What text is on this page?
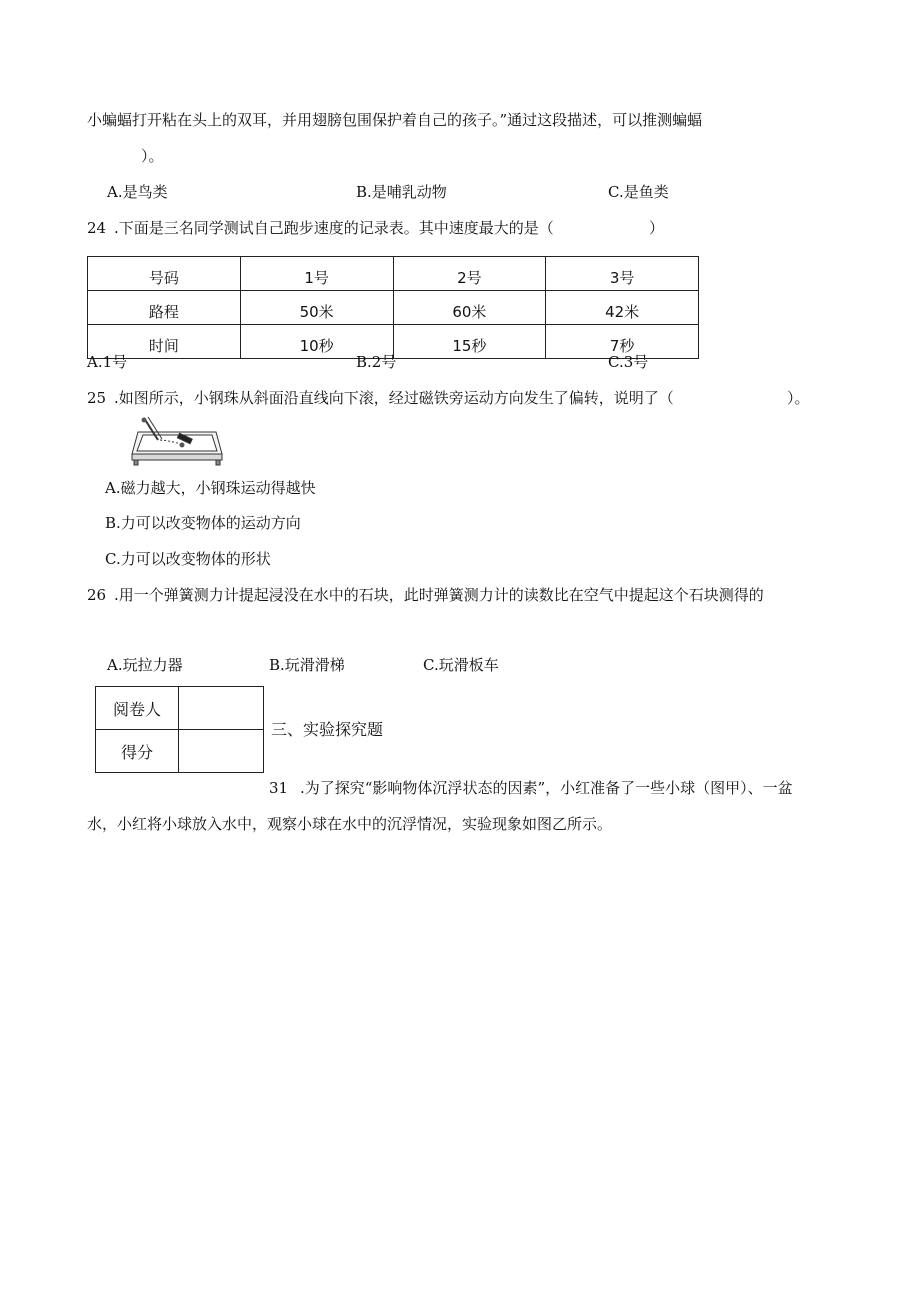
小蝙蝠打开粘在头上的双耳，并用翅膀包围保护着自己的孩子。”通过这段描述，可以推测蝙蝠
）。
A.是鸟类	B.是哺乳动物	C.是鱼类
24 .下面是三名同学测试自己跑步速度的记录表。其中速度最大的是（	）
号码	1号	2号	3号
路程	50米	60米	42米
时间	10秒	15秒	7秒
A.1号	B.2号	C.3号
25 .如图所示，小钢珠从斜面沿直线向下滚，经过磁铁旁运动方向发生了偏转，说明了（	）。
A.磁力越大，小钢珠运动得越快
B.力可以改变物体的运动方向
C.力可以改变物体的形状
26 .用一个弹簧测力计提起浸没在水中的石块，此时弹簧测力计的读数比在空气中提起这个石块测得的
A.玩拉力器	B.玩滑滑梯	C.玩滑板车
阅卷人	
得分	
三、实验探究题
31 .为了探究“影响物体沉浮状态的因素”，小红准备了一些小球（图甲）、一盆
水，小红将小球放入水中，观察小球在水中的沉浮情况，实验现象如图乙所示。
